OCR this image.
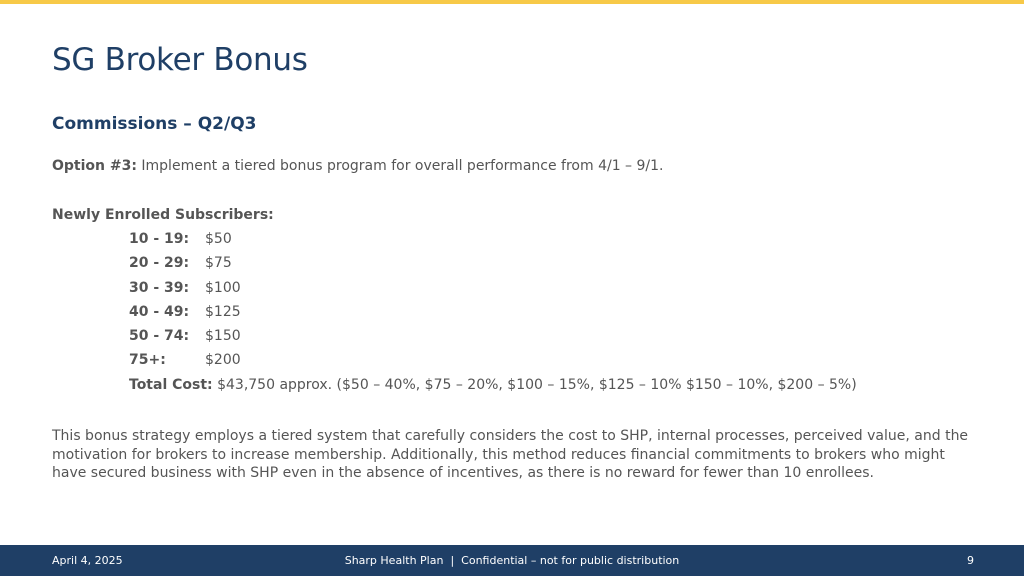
SG Broker Bonus
Commissions – Q2/Q3
Option #3: Implement a tiered bonus program for overall performance from 4/1 – 9/1.
Newly Enrolled Subscribers:
10 - 19: $50
20 - 29: $75
30 - 39: $100
40 - 49: $125
50 - 74: $150
75+:	$200
Total Cost: $43,750 approx. ($50 – 40%, $75 – 20%, $100 – 15%, $125 – 10% $150 – 10%, $200 – 5%)

This bonus strategy employs a tiered system that carefully considers the cost to SHP, internal processes, perceived value, and the motivation for brokers to increase membership. Additionally, this method reduces financial commitments to brokers who might have secured business with SHP even in the absence of incentives, as there is no reward for fewer than 10 enrollees.

April 4, 2025	Sharp Health Plan | Confidential – not for public distribution	9
